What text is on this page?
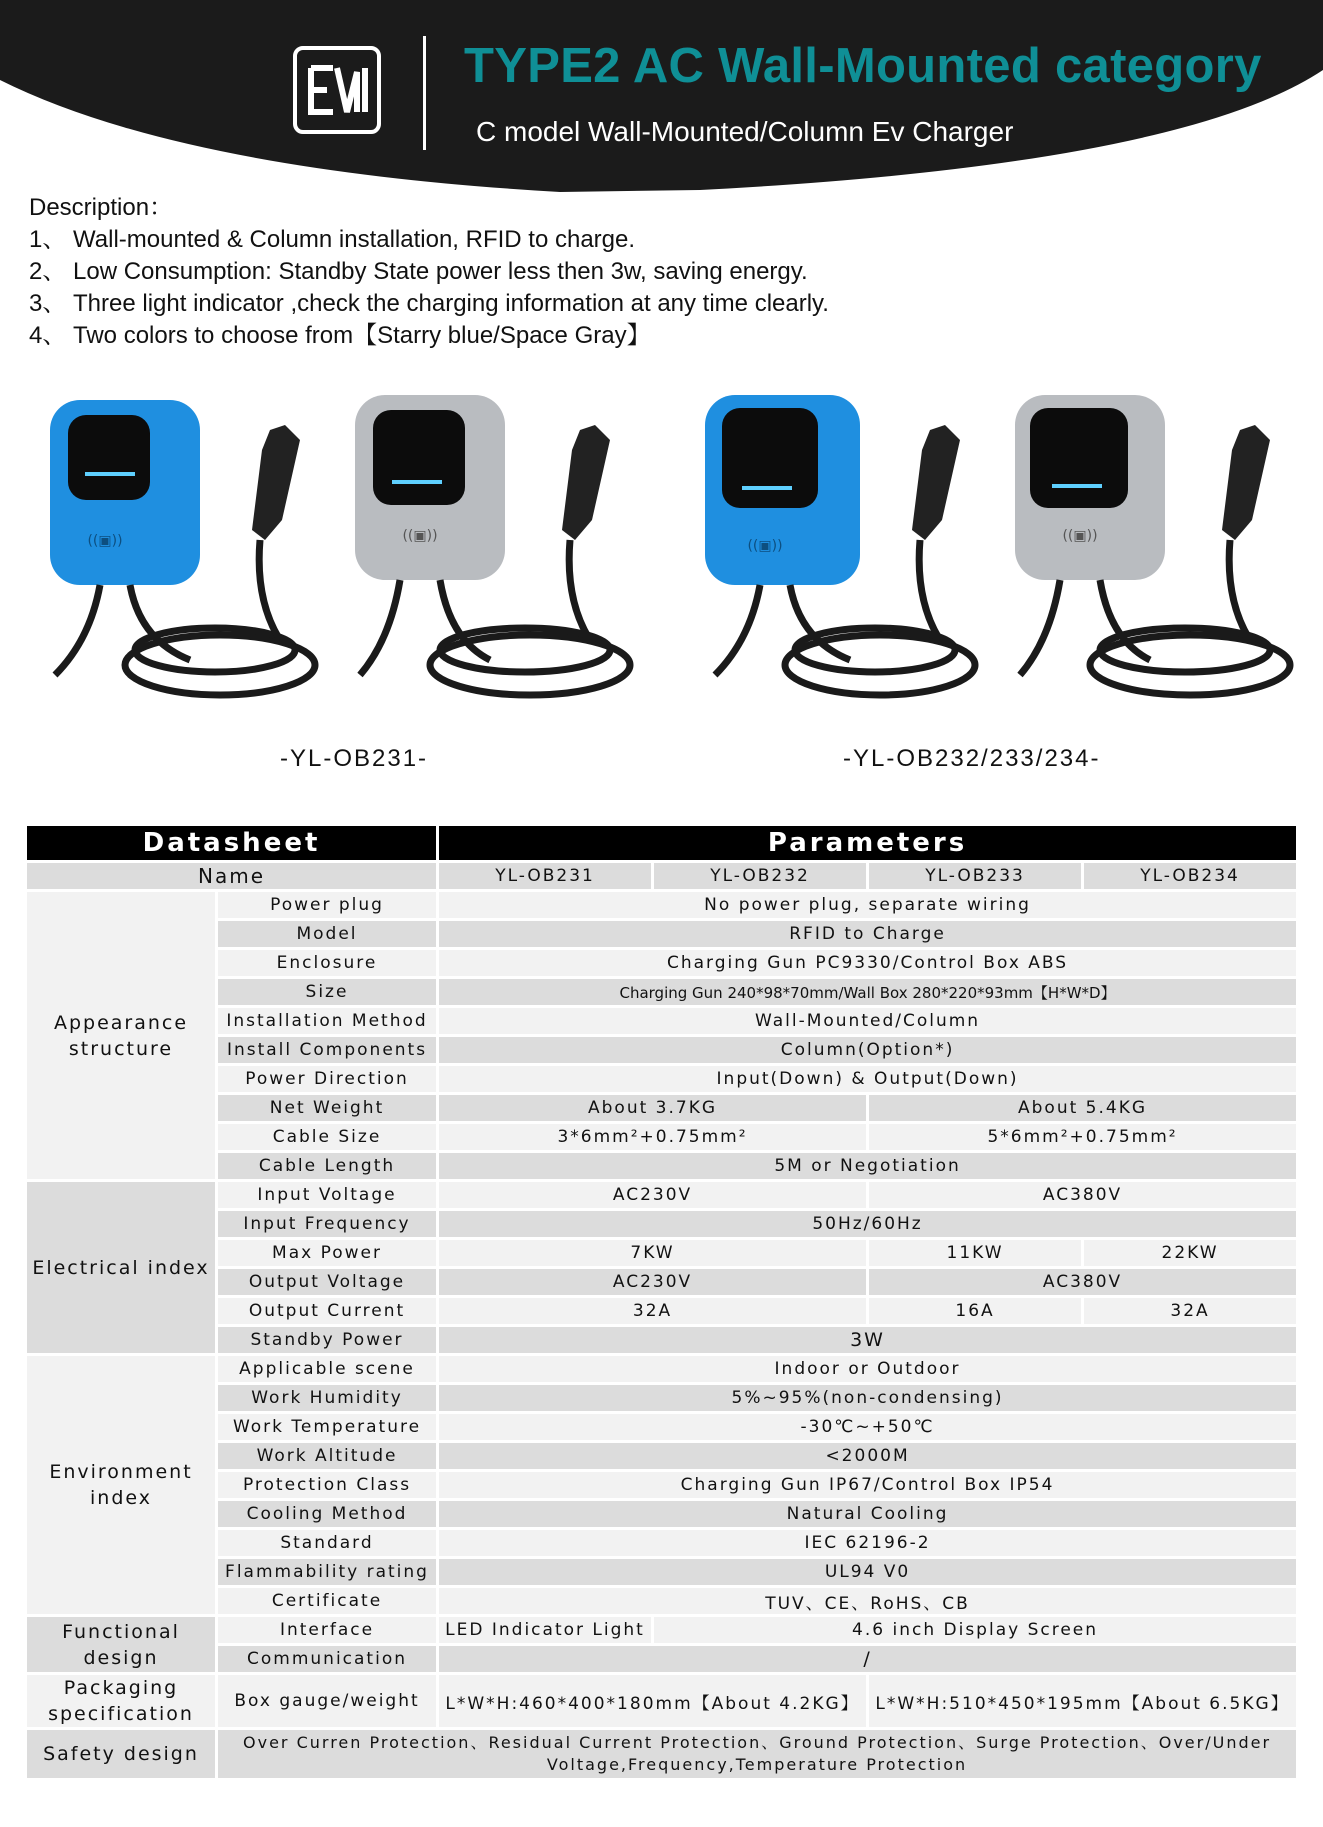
TYPE2 AC Wall-Mounted category
C model Wall-Mounted/Column Ev Charger
Description：
1、 Wall-mounted & Column installation, RFID to charge.
2、 Low Consumption: Standby State power less then 3w, saving energy.
3、 Three light indicator ,check the charging information at any time clearly.
4、 Two colors to choose from【Starry blue/Space Gray】
((▣))	((▣))
((▣))
((▣))
-YL-OB231-	-YL-OB232/233/234-
Datasheet		Parameters			
Name		YL-OB231	YL-OB232	YL-OB233	YL-OB234
Appearance structure	Power plug	No power plug, separate wiring			
	Model	RFID to Charge			
	Enclosure	Charging Gun PC9330/Control Box ABS			
	Size	Charging Gun 240*98*70mm/Wall Box 280*220*93mm【H*W*D】			
	Installation Method	Wall-Mounted/Column			
	Install Components	Column(Option*)			
	Power Direction	Input(Down) & Output(Down)			
	Net Weight	About 3.7KG		About 5.4KG	
	Cable Size	3*6mm²+0.75mm²		5*6mm²+0.75mm²	
	Cable Length	5M or Negotiation			
Electrical index	Input Voltage	AC230V		AC380V	
	Input Frequency	50Hz/60Hz			
	Max Power	7KW		11KW	22KW
	Output Voltage	AC230V		AC380V	
	Output Current	32A		16A	32A
	Standby Power	3W			
Environment index	Applicable scene	Indoor or Outdoor			
	Work Humidity	5%~95%(non-condensing)			
	Work Temperature	-30℃~+50℃			
	Work Altitude	<2000M			
	Protection Class	Charging Gun IP67/Control Box IP54			
	Cooling Method	Natural Cooling			
	Standard	IEC 62196-2			
	Flammability rating	UL94 V0			
	Certificate	TUV、CE、RoHS、CB			
Functional design	Interface	LED Indicator Light	4.6 inch Display Screen		
	Communication	/			
Packaging specification	Box gauge/weight	L*W*H:460*400*180mm【About 4.2KG】		L*W*H:510*450*195mm【About 6.5KG】	
Safety design	Over Curren Protection、Residual Current Protection、Ground Protection、Surge Protection、Over/Under Voltage,Frequency,Temperature Protection				
